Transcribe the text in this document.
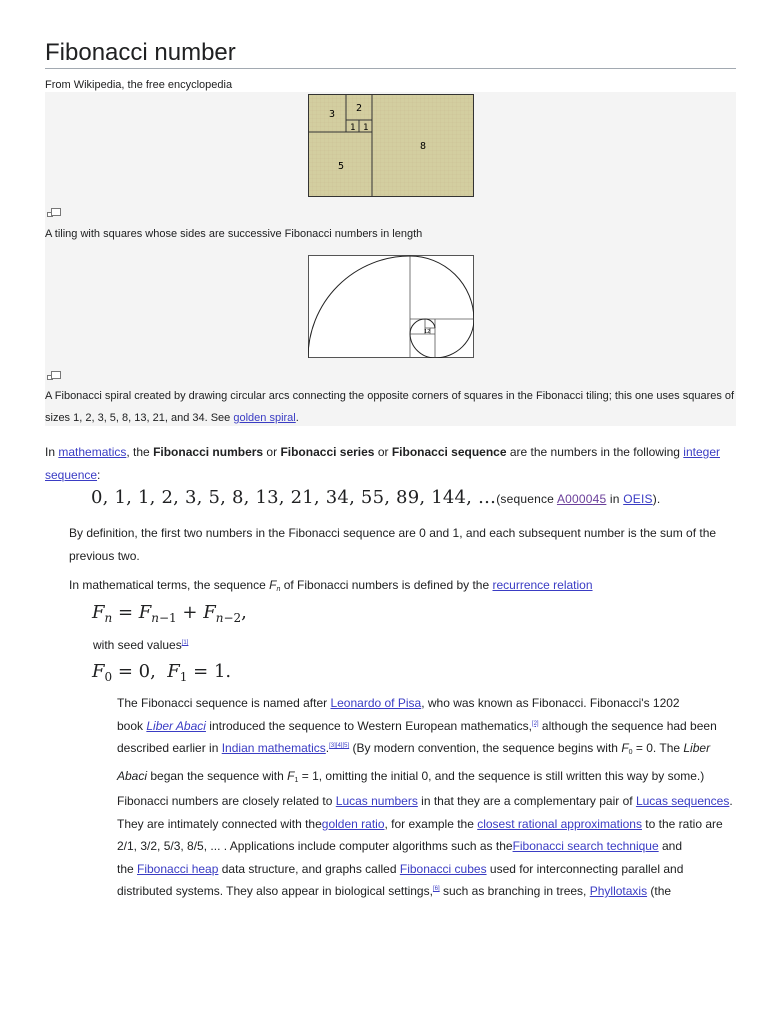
Fibonacci number
From Wikipedia, the free encyclopedia
3
2
1 1
5
8
A tiling with squares whose sides are successive Fibonacci numbers in length
1 2
A Fibonacci spiral created by drawing circular arcs connecting the opposite corners of squares in the Fibonacci tiling; this one uses squares of sizes 1, 2, 3, 5, 8, 13, 21, and 34. See golden spiral.
In mathematics, the Fibonacci numbers or Fibonacci series or Fibonacci sequence are the numbers in the following integer
sequence:
0, 1, 1, 2, 3, 5, 8, 13, 21, 34, 55, 89, 144, …(sequence A000045 in OEIS).
By definition, the first two numbers in the Fibonacci sequence are 0 and 1, and each subsequent number is the sum of the
previous two.
In mathematical terms, the sequence $F_n$ of Fibonacci numbers is defined by the recurrence relation
$F_n = F_{n-1} + F_{n-2}$,
with seed values[1]
$F_0 = 0$,  $F_1 = 1$.
The Fibonacci sequence is named after Leonardo of Pisa, who was known as Fibonacci. Fibonacci's 1202
book Liber Abaci introduced the sequence to Western European mathematics,[2] although the sequence had been
described earlier in Indian mathematics.[3][4][5] (By modern convention, the sequence begins with $F_0 = 0$. The Liber
Abaci began the sequence with $F_1 = 1$, omitting the initial 0, and the sequence is still written this way by some.)
Fibonacci numbers are closely related to Lucas numbers in that they are a complementary pair of Lucas sequences.
They are intimately connected with thegolden ratio, for example the closest rational approximations to the ratio are
2/1, 3/2, 5/3, 8/5, ... . Applications include computer algorithms such as theFibonacci search technique and
the Fibonacci heap data structure, and graphs called Fibonacci cubes used for interconnecting parallel and
distributed systems. They also appear in biological settings,[6] such as branching in trees, Phyllotaxis (the
